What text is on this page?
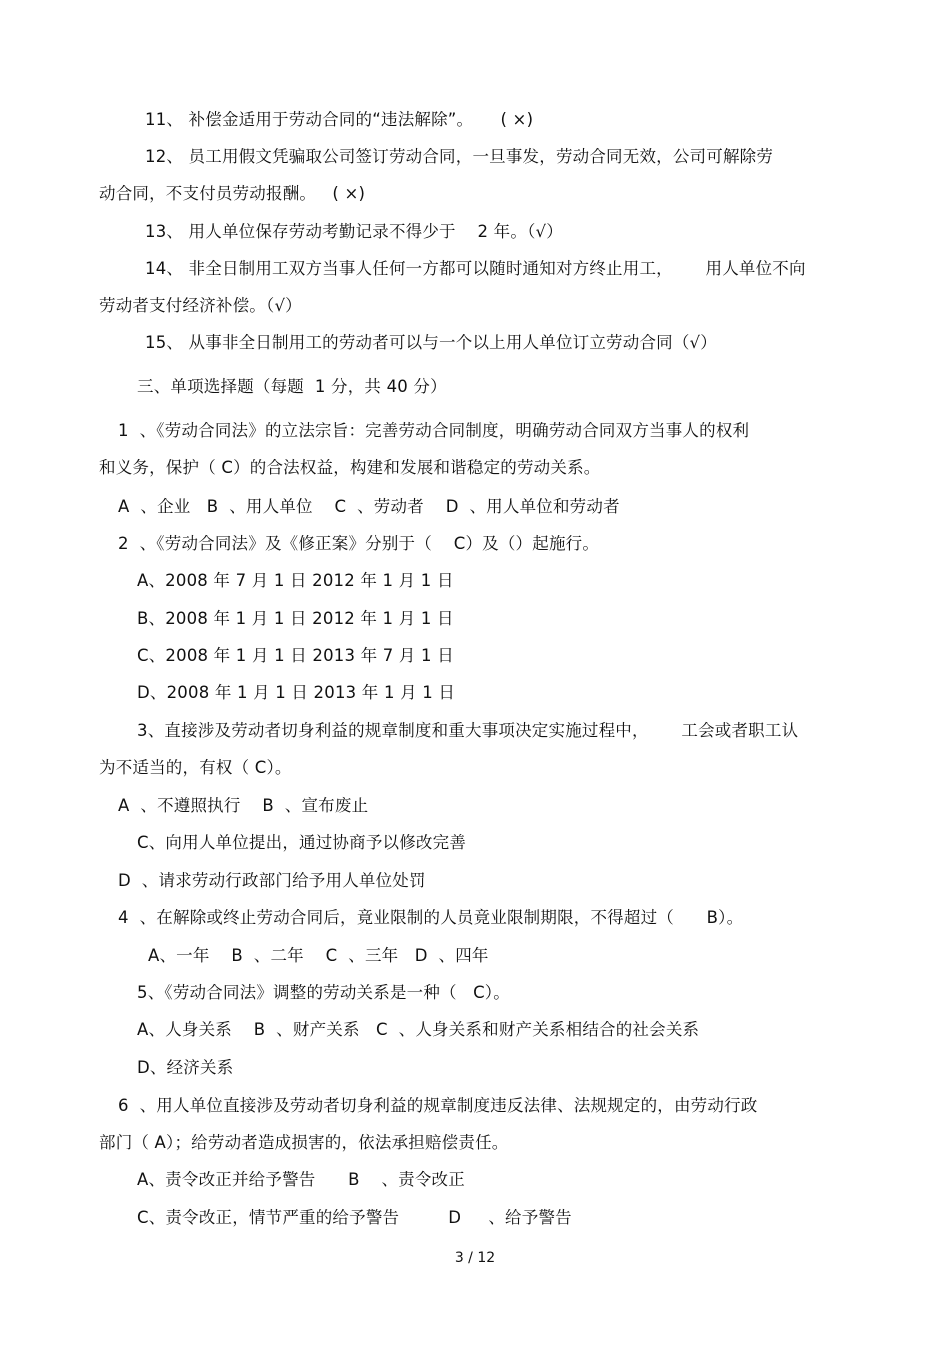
11、 补偿金适用于劳动合同的“违法解除”。     ( ×)
12、 员工用假文凭骗取公司签订劳动合同，一旦事发，劳动合同无效，公司可解除劳
动合同，不支付员劳动报酬。   ( ×)
13、 用人单位保存劳动考勤记录不得少于    2 年。（√）
14、 非全日制用工双方当事人任何一方都可以随时通知对方终止用工，      用人单位不向
劳动者支付经济补偿。（√）
15、 从事非全日制用工的劳动者可以与一个以上用人单位订立劳动合同（√）
三、单项选择题（每题  1 分，共 40 分）
1  、《劳动合同法》的立法宗旨：完善劳动合同制度，明确劳动合同双方当事人的权利
和义务，保护（ C）的合法权益，构建和发展和谐稳定的劳动关系。
A  、企业   B  、用人单位    C  、劳动者    D  、用人单位和劳动者
2  、《劳动合同法》及《修正案》分别于（    C）及（）起施行。
A、2008 年 7 月 1 日 2012 年 1 月 1 日
B、2008 年 1 月 1 日 2012 年 1 月 1 日
C、2008 年 1 月 1 日 2013 年 7 月 1 日
D、2008 年 1 月 1 日 2013 年 1 月 1 日
3、直接涉及劳动者切身利益的规章制度和重大事项决定实施过程中，      工会或者职工认
为不适当的，有权（ C）。
A  、不遵照执行    B  、宣布废止
C、向用人单位提出，通过协商予以修改完善
D  、请求劳动行政部门给予用人单位处罚
4  、在解除或终止劳动合同后，竟业限制的人员竟业限制期限，不得超过（      B）。
A、一年    B  、二年    C  、三年   D  、四年
5、《劳动合同法》调整的劳动关系是一种（   C）。
A、人身关系    B  、财产关系   C  、人身关系和财产关系相结合的社会关系
D、经济关系
6  、用人单位直接涉及劳动者切身利益的规章制度违反法律、法规规定的，由劳动行政
部门（ A）；给劳动者造成损害的，依法承担赔偿责任。
A、责令改正并给予警告      B    、责令改正
C、责令改正，情节严重的给予警告         D     、给予警告
3 / 12
